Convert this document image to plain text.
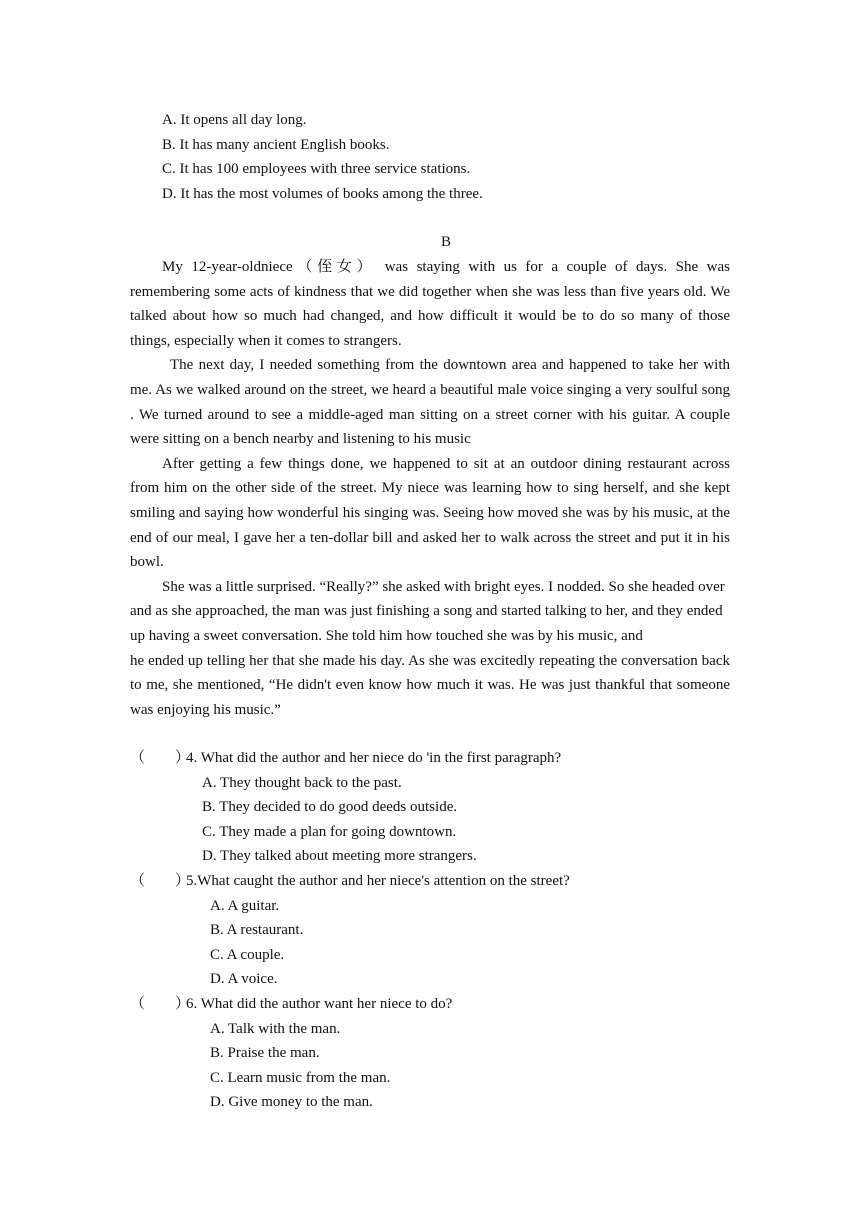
A. It opens all day long.
B. It has many ancient English books.
C. It has 100 employees with three service stations.
D. It has the most volumes of books among the three.
B

My 12-year-oldniece（侄女） was staying with us for a couple of days. She was remembering some acts of kindness that we did together when she was less than five years old. We talked about how so much had changed, and how difficult it would be to do so many of those things, especially when it comes to strangers.

The next day, I needed something from the downtown area and happened to take her with me. As we walked around on the street, we heard a beautiful male voice singing a very soulful song . We turned around to see a middle-aged man sitting on a street corner with his guitar. A couple were sitting on a bench nearby and listening to his music

After getting a few things done, we happened to sit at an outdoor dining restaurant across from him on the other side of the street. My niece was learning how to sing herself, and she kept smiling and saying how wonderful his singing was. Seeing how moved she was by his music, at the end of our meal, I gave her a ten-dollar bill and asked her to walk across the street and put it in his bowl.

She was a little surprised. “Really?” she asked with bright eyes. I nodded. So she headed over and as she approached, the man was just finishing a song and started talking to her, and they ended up having a sweet conversation. She told him how touched she was by his music, and

he ended up telling her that she made his day. As she was excitedly repeating the conversation back to me, she mentioned, “He didn't even know how much it was. He was just thankful that someone was enjoying his music.”

（　　）4. What did the author and her niece do 'in the first paragraph?
A. They thought back to the past.
B. They decided to do good deeds outside.
C. They made a plan for going downtown.
D. They talked about meeting more strangers.
（　　）5.What caught the author and her niece's attention on the street?
A. A guitar.
B. A restaurant.
C. A couple.
D. A voice.
（　　）6. What did the author want her niece to do?
A. Talk with the man.
B. Praise the man.
C. Learn music from the man.
D. Give money to the man.
